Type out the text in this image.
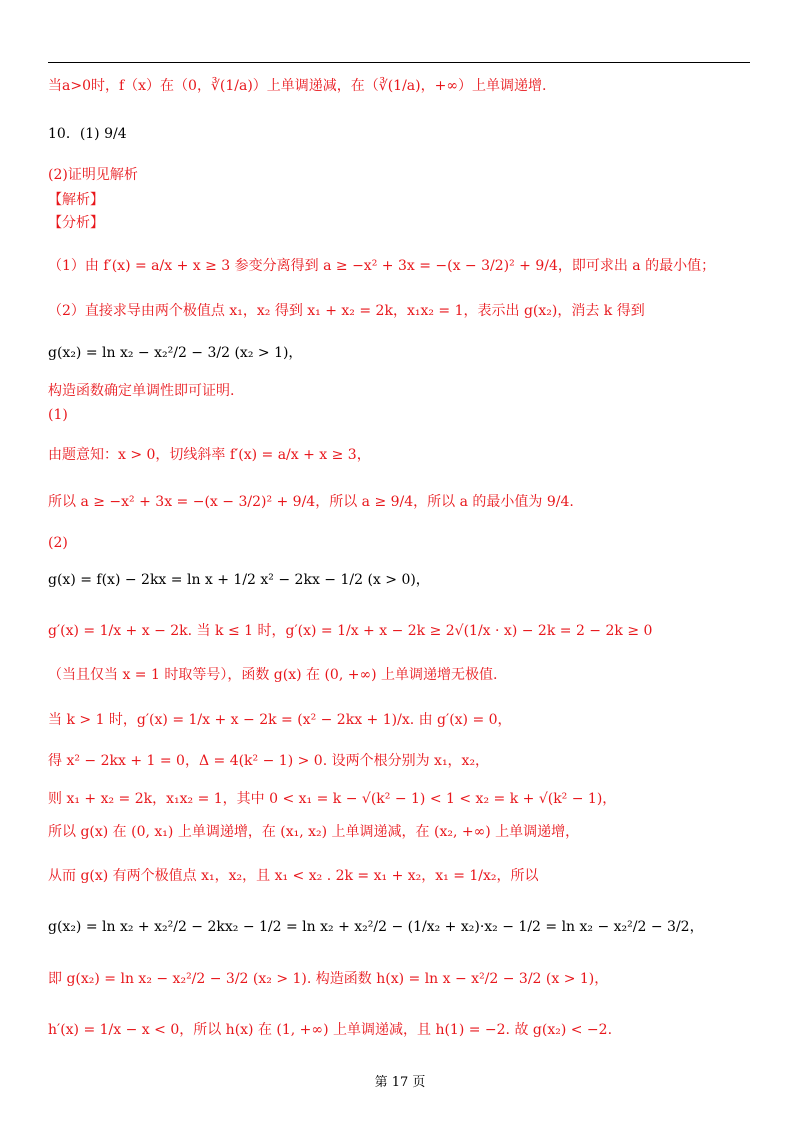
当a>0时，f（x）在（0，∛(1/a)）上单调递减，在（∛(1/a)，+∞）上单调递增.
10．(1) 9/4
(2)证明见解析
【解析】
【分析】
（1）由 f′(x) = a/x + x ≥ 3 参变分离得到 a ≥ −x² + 3x = −(x − 3/2)² + 9/4，即可求出 a 的最小值；
（2）直接求导由两个极值点 x₁，x₂ 得到 x₁ + x₂ = 2k，x₁x₂ = 1，表示出 g(x₂)，消去 k 得到
g(x₂) = ln x₂ − x₂²/2 − 3/2 (x₂ > 1)，
构造函数确定单调性即可证明.
(1)
由题意知：x > 0，切线斜率 f′(x) = a/x + x ≥ 3，
所以 a ≥ −x² + 3x = −(x − 3/2)² + 9/4，所以 a ≥ 9/4，所以 a 的最小值为 9/4.
(2)
g(x) = f(x) − 2kx = ln x + 1/2 x² − 2kx − 1/2 (x > 0)，
g′(x) = 1/x + x − 2k. 当 k ≤ 1 时，g′(x) = 1/x + x − 2k ≥ 2√(1/x · x) − 2k = 2 − 2k ≥ 0
（当且仅当 x = 1 时取等号），函数 g(x) 在 (0, +∞) 上单调递增无极值.
当 k > 1 时，g′(x) = 1/x + x − 2k = (x² − 2kx + 1)/x. 由 g′(x) = 0，
得 x² − 2kx + 1 = 0，Δ = 4(k² − 1) > 0. 设两个根分别为 x₁，x₂，
则 x₁ + x₂ = 2k，x₁x₂ = 1，其中 0 < x₁ = k − √(k² − 1) < 1 < x₂ = k + √(k² − 1)，
所以 g(x) 在 (0, x₁) 上单调递增，在 (x₁, x₂) 上单调递减，在 (x₂, +∞) 上单调递增，
从而 g(x) 有两个极值点 x₁，x₂，且 x₁ < x₂ . 2k = x₁ + x₂，x₁ = 1/x₂，所以
g(x₂) = ln x₂ + x₂²/2 − 2kx₂ − 1/2 = ln x₂ + x₂²/2 − (1/x₂ + x₂)·x₂ − 1/2 = ln x₂ − x₂²/2 − 3/2，
即 g(x₂) = ln x₂ − x₂²/2 − 3/2 (x₂ > 1). 构造函数 h(x) = ln x − x²/2 − 3/2 (x > 1)，
h′(x) = 1/x − x < 0，所以 h(x) 在 (1, +∞) 上单调递减，且 h(1) = −2. 故 g(x₂) < −2.
第 17 页
